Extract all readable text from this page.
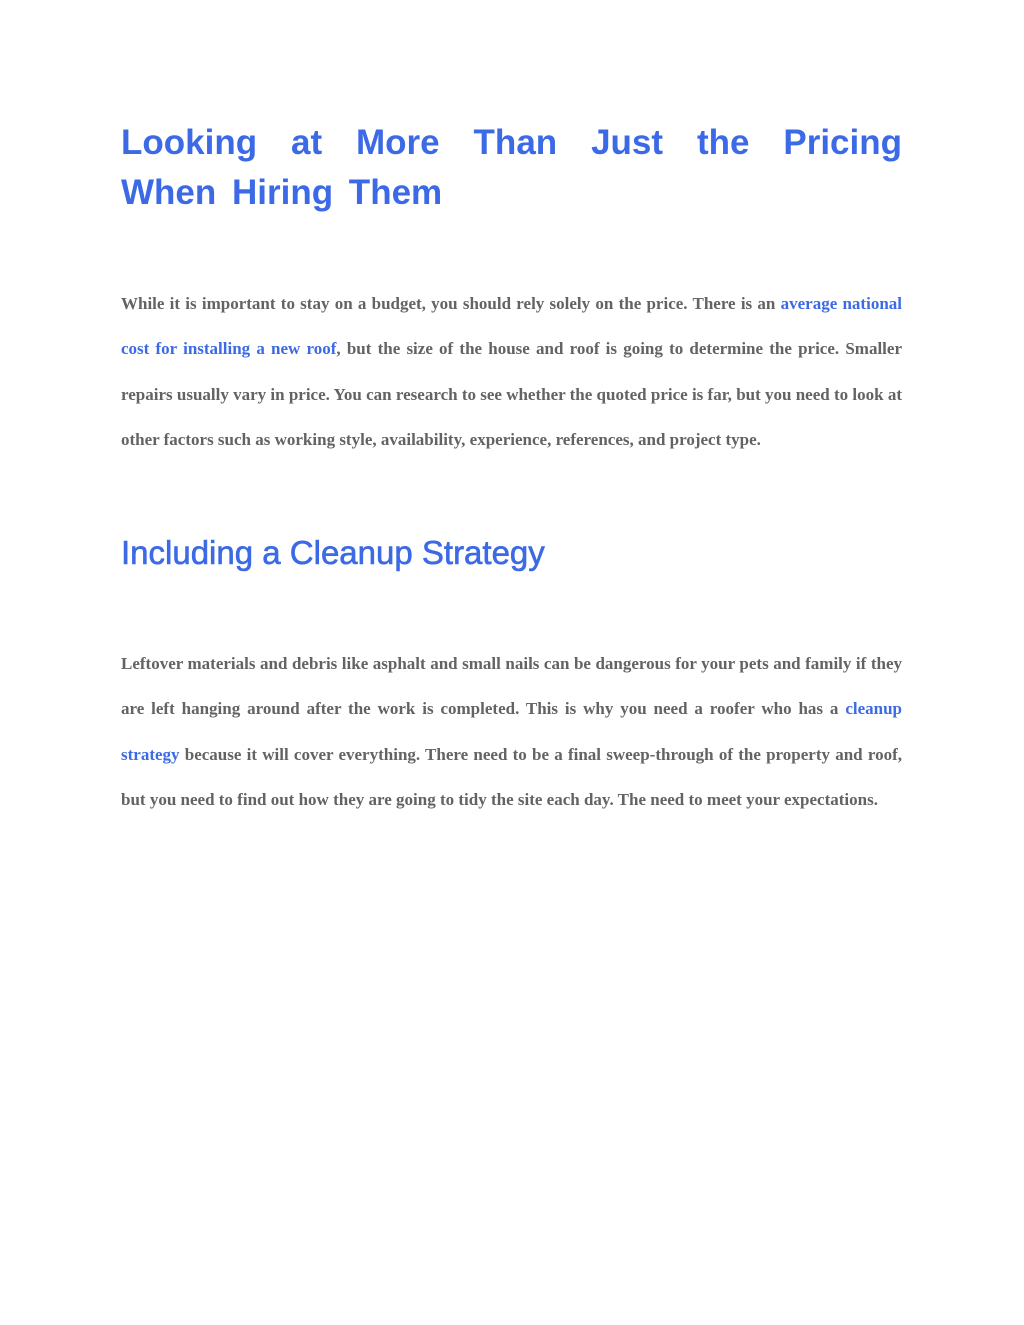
Looking at More Than Just the Pricing When Hiring Them

While it is important to stay on a budget, you should rely solely on the price. There is an average national cost for installing a new roof, but the size of the house and roof is going to determine the price. Smaller repairs usually vary in price. You can research to see whether the quoted price is far, but you need to look at other factors such as working style, availability, experience, references, and project type.

Including a Cleanup Strategy

Leftover materials and debris like asphalt and small nails can be dangerous for your pets and family if they are left hanging around after the work is completed. This is why you need a roofer who has a cleanup strategy because it will cover everything. There need to be a final sweep-through of the property and roof, but you need to find out how they are going to tidy the site each day. The need to meet your expectations.
